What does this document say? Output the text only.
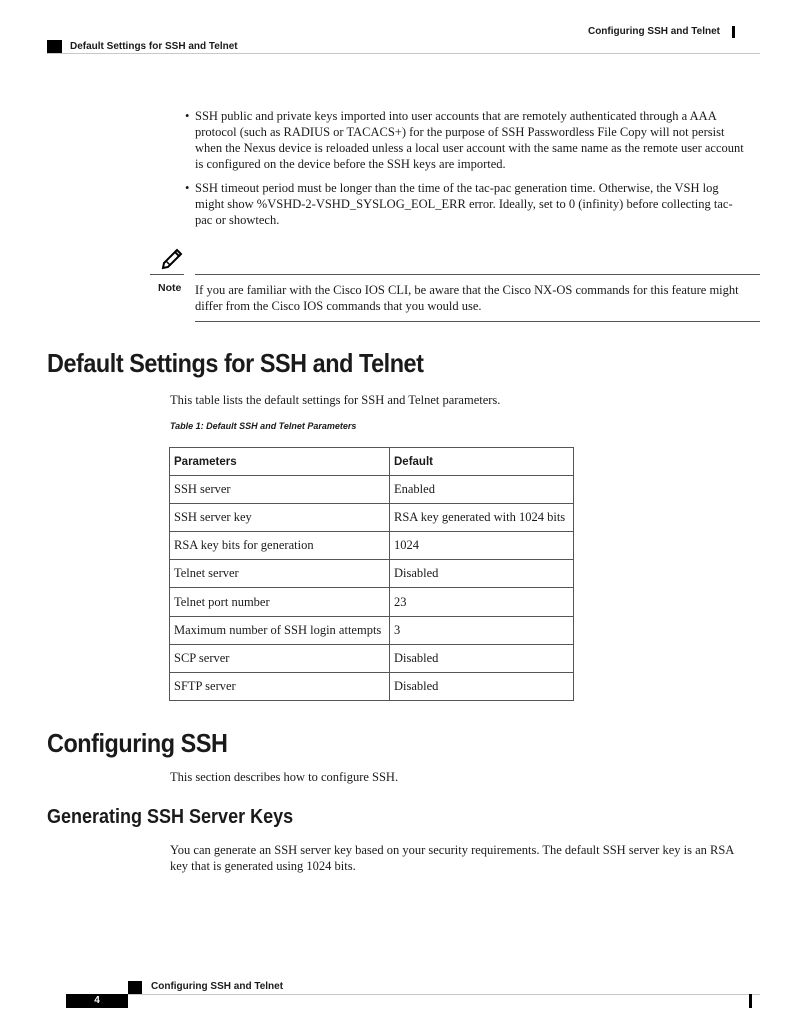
Configuring SSH and Telnet
Default Settings for SSH and Telnet
• SSH public and private keys imported into user accounts that are remotely authenticated through a AAA protocol (such as RADIUS or TACACS+) for the purpose of SSH Passwordless File Copy will not persist when the Nexus device is reloaded unless a local user account with the same name as the remote user account is configured on the device before the SSH keys are imported.
• SSH timeout period must be longer than the time of the tac-pac generation time. Otherwise, the VSH log might show %VSHD-2-VSHD_SYSLOG_EOL_ERR error. Ideally, set to 0 (infinity) before collecting tac-pac or showtech.
Note If you are familiar with the Cisco IOS CLI, be aware that the Cisco NX-OS commands for this feature might differ from the Cisco IOS commands that you would use.
Default Settings for SSH and Telnet

This table lists the default settings for SSH and Telnet parameters.

Table 1: Default SSH and Telnet Parameters
Parameters	Default
SSH server	Enabled
SSH server key	RSA key generated with 1024 bits
RSA key bits for generation	1024
Telnet server	Disabled
Telnet port number	23
Maximum number of SSH login attempts	3
SCP server	Disabled
SFTP server	Disabled
Configuring SSH

This section describes how to configure SSH.

Generating SSH Server Keys

You can generate an SSH server key based on your security requirements. The default SSH server key is an RSA key that is generated using 1024 bits.

Configuring SSH and Telnet
4
